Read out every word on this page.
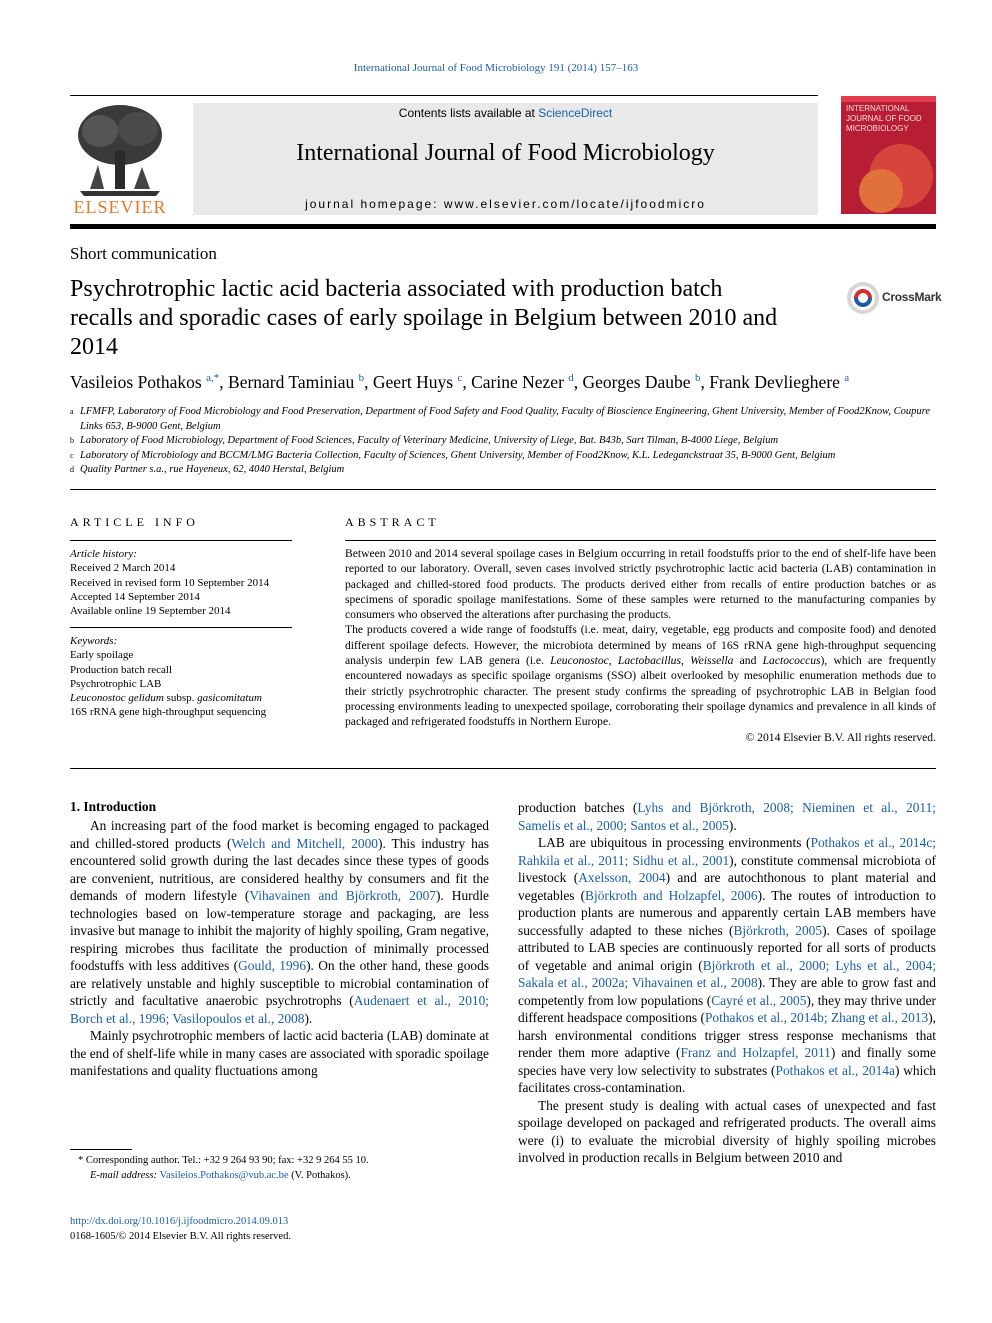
International Journal of Food Microbiology 191 (2014) 157–163
ELSEVIER
Contents lists available at ScienceDirect
International Journal of Food Microbiology
journal homepage: www.elsevier.com/locate/ijfoodmicro
INTERNATIONAL
JOURNAL OF FOOD
MICROBIOLOGY
Short communication
Psychrotrophic lactic acid bacteria associated with production batch recalls and sporadic cases of early spoilage in Belgium between 2010 and 2014
CrossMark
Vasileios Pothakos $^{a,*}$, Bernard Taminiau $^b$, Geert Huys $^c$, Carine Nezer $^d$, Georges Daube $^b$, Frank Devlieghere $^a$
a LFMFP, Laboratory of Food Microbiology and Food Preservation, Department of Food Safety and Food Quality, Faculty of Bioscience Engineering, Ghent University, Member of Food2Know, Coupure Links 653, B-9000 Gent, Belgium
b Laboratory of Food Microbiology, Department of Food Sciences, Faculty of Veterinary Medicine, University of Liege, Bat. B43b, Sart Tilman, B-4000 Liege, Belgium
c Laboratory of Microbiology and BCCM/LMG Bacteria Collection, Faculty of Sciences, Ghent University, Member of Food2Know, K.L. Ledeganckstraat 35, B-9000 Gent, Belgium
d Quality Partner s.a., rue Hayeneux, 62, 4040 Herstal, Belgium
ARTICLE INFO
Article history:
Received 2 March 2014
Received in revised form 10 September 2014
Accepted 14 September 2014
Available online 19 September 2014
Keywords:
Early spoilage
Production batch recall
Psychrotrophic LAB
Leuconostoc gelidum subsp. gasicomitatum
16S rRNA gene high-throughput sequencing
ABSTRACT

Between 2010 and 2014 several spoilage cases in Belgium occurring in retail foodstuffs prior to the end of shelf-life have been reported to our laboratory. Overall, seven cases involved strictly psychrotrophic lactic acid bacteria (LAB) contamination in packaged and chilled-stored food products. The products derived either from recalls of entire production batches or as specimens of sporadic spoilage manifestations. Some of these samples were returned to the manufacturing companies by consumers who observed the alterations after purchasing the products.

The products covered a wide range of foodstuffs (i.e. meat, dairy, vegetable, egg products and composite food) and denoted different spoilage defects. However, the microbiota determined by means of 16S rRNA gene high-throughput sequencing analysis underpin few LAB genera (i.e. Leuconostoc, Lactobacillus, Weissella and Lactococcus), which are frequently encountered nowadays as specific spoilage organisms (SSO) albeit overlooked by mesophilic enumeration methods due to their strictly psychrotrophic character. The present study confirms the spreading of psychrotrophic LAB in Belgian food processing environments leading to unexpected spoilage, corroborating their spoilage dynamics and prevalence in all kinds of packaged and refrigerated foodstuffs in Northern Europe.

© 2014 Elsevier B.V. All rights reserved.

1. Introduction

An increasing part of the food market is becoming engaged to packaged and chilled-stored products (Welch and Mitchell, 2000). This industry has encountered solid growth during the last decades since these types of goods are convenient, nutritious, are considered healthy by consumers and fit the demands of modern lifestyle (Vihavainen and Björkroth, 2007). Hurdle technologies based on low-temperature storage and packaging, are less invasive but manage to inhibit the majority of highly spoiling, Gram negative, respiring microbes thus facilitate the production of minimally processed foodstuffs with less additives (Gould, 1996). On the other hand, these goods are relatively unstable and highly susceptible to microbial contamination of strictly and facultative anaerobic psychrotrophs (Audenaert et al., 2010; Borch et al., 1996; Vasilopoulos et al., 2008).

Mainly psychrotrophic members of lactic acid bacteria (LAB) dominate at the end of shelf-life while in many cases are associated with sporadic spoilage manifestations and quality fluctuations among

production batches (Lyhs and Björkroth, 2008; Nieminen et al., 2011; Samelis et al., 2000; Santos et al., 2005).

LAB are ubiquitous in processing environments (Pothakos et al., 2014c; Rahkila et al., 2011; Sidhu et al., 2001), constitute commensal microbiota of livestock (Axelsson, 2004) and are autochthonous to plant material and vegetables (Björkroth and Holzapfel, 2006). The routes of introduction to production plants are numerous and apparently certain LAB members have successfully adapted to these niches (Björkroth, 2005). Cases of spoilage attributed to LAB species are continuously reported for all sorts of products of vegetable and animal origin (Björkroth et al., 2000; Lyhs et al., 2004; Sakala et al., 2002a; Vihavainen et al., 2008). They are able to grow fast and competently from low populations (Cayré et al., 2005), they may thrive under different headspace compositions (Pothakos et al., 2014b; Zhang et al., 2013), harsh environmental conditions trigger stress response mechanisms that render them more adaptive (Franz and Holzapfel, 2011) and finally some species have very low selectivity to substrates (Pothakos et al., 2014a) which facilitates cross-contamination.

The present study is dealing with actual cases of unexpected and fast spoilage developed on packaged and refrigerated products. The overall aims were (i) to evaluate the microbial diversity of highly spoiling microbes involved in production recalls in Belgium between 2010 and

* Corresponding author. Tel.: +32 9 264 93 90; fax: +32 9 264 55 10.
E-mail address: Vasileios.Pothakos@vub.ac.be (V. Pothakos).
http://dx.doi.org/10.1016/j.ijfoodmicro.2014.09.013
0168-1605/© 2014 Elsevier B.V. All rights reserved.
